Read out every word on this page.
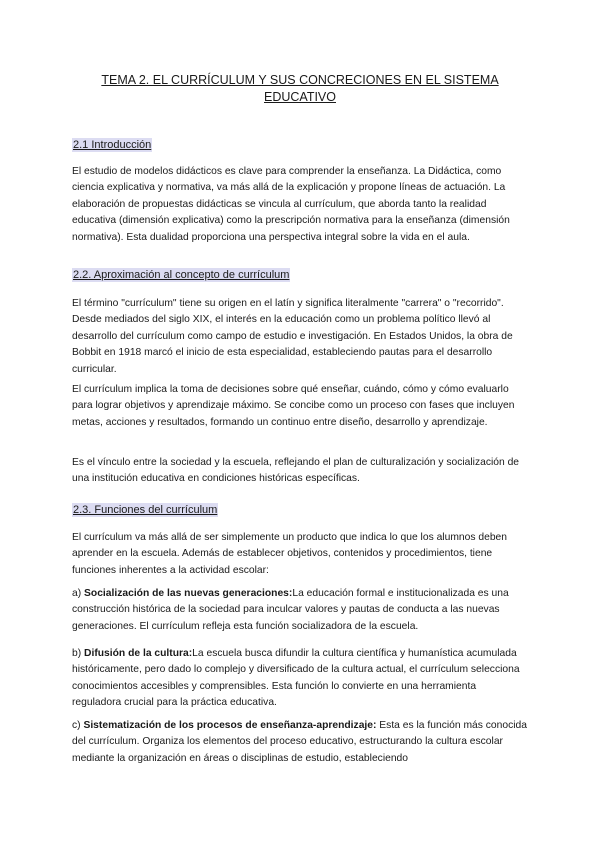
TEMA 2. EL CURRÍCULUM Y SUS CONCRECIONES EN EL SISTEMA
EDUCATIVO
2.1 Introducción

El estudio de modelos didácticos es clave para comprender la enseñanza. La Didáctica, como ciencia explicativa y normativa, va más allá de la explicación y propone líneas de actuación. La elaboración de propuestas didácticas se vincula al currículum, que aborda tanto la realidad educativa (dimensión explicativa) como la prescripción normativa para la enseñanza (dimensión normativa). Esta dualidad proporciona una perspectiva integral sobre la vida en el aula.

2.2. Aproximación al concepto de currículum

El término "currículum" tiene su origen en el latín y significa literalmente "carrera" o "recorrido". Desde mediados del siglo XIX, el interés en la educación como un problema político llevó al desarrollo del currículum como campo de estudio e investigación. En Estados Unidos, la obra de Bobbit en 1918 marcó el inicio de esta especialidad, estableciendo pautas para el desarrollo curricular.

El currículum implica la toma de decisiones sobre qué enseñar, cuándo, cómo y cómo evaluarlo para lograr objetivos y aprendizaje máximo. Se concibe como un proceso con fases que incluyen metas, acciones y resultados, formando un continuo entre diseño, desarrollo y aprendizaje.

Es el vínculo entre la sociedad y la escuela, reflejando el plan de culturalización y socialización de una institución educativa en condiciones históricas específicas.

2.3. Funciones del currículum

El currículum va más allá de ser simplemente un producto que indica lo que los alumnos deben aprender en la escuela. Además de establecer objetivos, contenidos y procedimientos, tiene funciones inherentes a la actividad escolar:

a) Socialización de las nuevas generaciones:La educación formal e institucionalizada es una construcción histórica de la sociedad para inculcar valores y pautas de conducta a las nuevas generaciones. El currículum refleja esta función socializadora de la escuela.

b) Difusión de la cultura:La escuela busca difundir la cultura científica y humanística acumulada históricamente, pero dado lo complejo y diversificado de la cultura actual, el currículum selecciona conocimientos accesibles y comprensibles. Esta función lo convierte en una herramienta reguladora crucial para la práctica educativa.

c) Sistematización de los procesos de enseñanza-aprendizaje: Esta es la función más conocida del currículum. Organiza los elementos del proceso educativo, estructurando la cultura escolar mediante la organización en áreas o disciplinas de estudio, estableciendo
